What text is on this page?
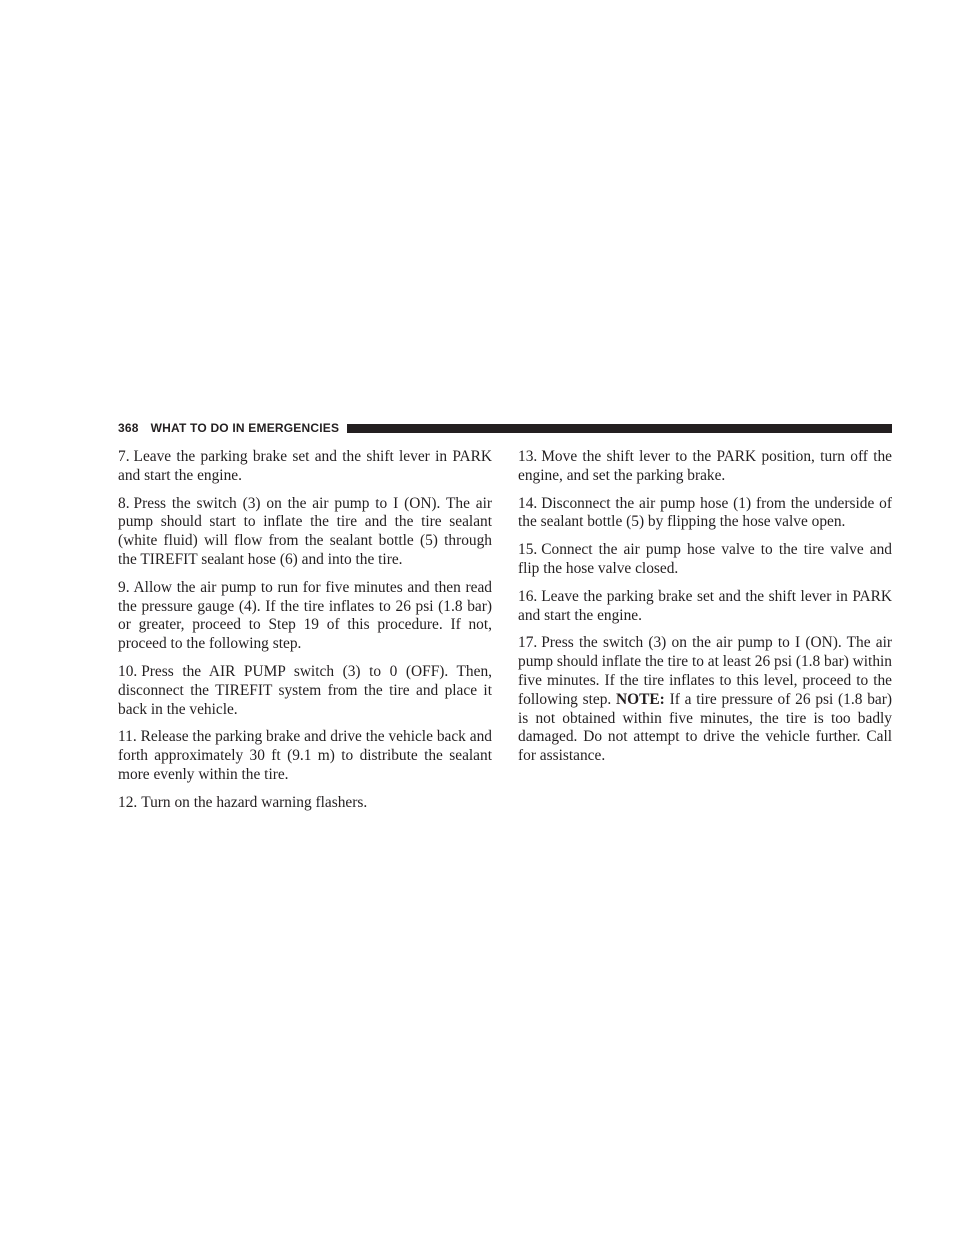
368 WHAT TO DO IN EMERGENCIES

7. Leave the parking brake set and the shift lever in PARK and start the engine.

8. Press the switch (3) on the air pump to I (ON). The air pump should start to inflate the tire and the tire sealant (white fluid) will flow from the sealant bottle (5) through the TIREFIT sealant hose (6) and into the tire.

9. Allow the air pump to run for five minutes and then read the pressure gauge (4). If the tire inflates to 26 psi (1.8 bar) or greater, proceed to Step 19 of this procedure. If not, proceed to the following step.

10. Press the AIR PUMP switch (3) to 0 (OFF). Then, disconnect the TIREFIT system from the tire and place it back in the vehicle.

11. Release the parking brake and drive the vehicle back and forth approximately 30 ft (9.1 m) to distribute the sealant more evenly within the tire.

12. Turn on the hazard warning flashers.

13. Move the shift lever to the PARK position, turn off the engine, and set the parking brake.

14. Disconnect the air pump hose (1) from the underside of the sealant bottle (5) by flipping the hose valve open.

15. Connect the air pump hose valve to the tire valve and flip the hose valve closed.

16. Leave the parking brake set and the shift lever in PARK and start the engine.

17. Press the switch (3) on the air pump to I (ON). The air pump should inflate the tire to at least 26 psi (1.8 bar) within five minutes. If the tire inflates to this level, proceed to the following step. NOTE: If a tire pressure of 26 psi (1.8 bar) is not obtained within five minutes, the tire is too badly damaged. Do not attempt to drive the vehicle further. Call for assistance.
